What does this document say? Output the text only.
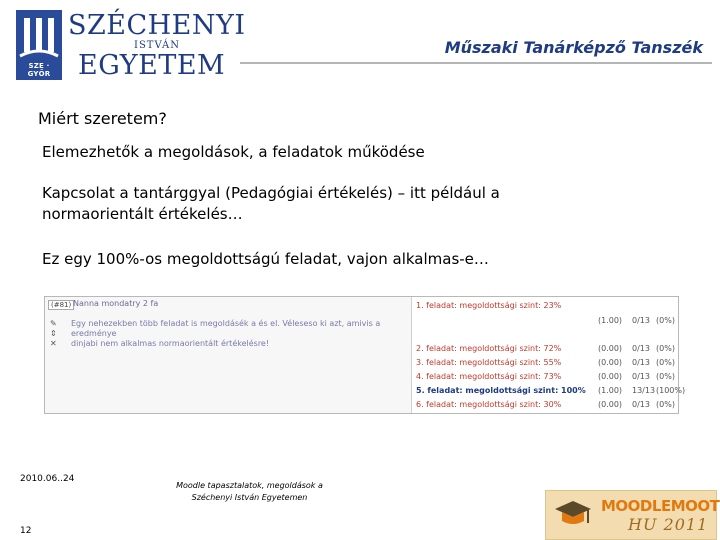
SZE · GYŐR
SZÉCHENYI
ISTVÁN
EGYETEM
Műszaki Tanárképző Tanszék
Miért szeretem?
Elemezhetők a megoldások, a feladatok működése
Kapcsolat a tantárggyal (Pedagógiai értékelés) – itt például a
normaorientált értékelés…
Ez egy 100%-os megoldottságú feladat, vajon alkalmas-e…
(#81) Nanna mondatry 2 fa
✎
⇕
✕
Egy nehezekben több feladat is megoldásék a és el. Véleseso ki azt, amivis a eredménye
dinjabi nem alkalmas normaorientált értékelésre!
1. feladat: megoldottsági szint: 23%
(1.00) 0/13 (0%)
2. feladat: megoldottsági szint: 72%	(0.00) 0/13 (0%)
3. feladat: megoldottsági szint: 55%	(0.00) 0/13 (0%)
4. feladat: megoldottsági szint: 73%	(0.00) 0/13 (0%)
5. feladat: megoldottsági szint: 100% (1.00) 13/13 (100%)
6. feladat: megoldottsági szint: 30%	(0.00) 0/13 (0%)
2010.06..24
12
Moodle tapasztalatok, megoldások a
Széchenyi István Egyetemen	MOODLEMOOT
HU 2011
